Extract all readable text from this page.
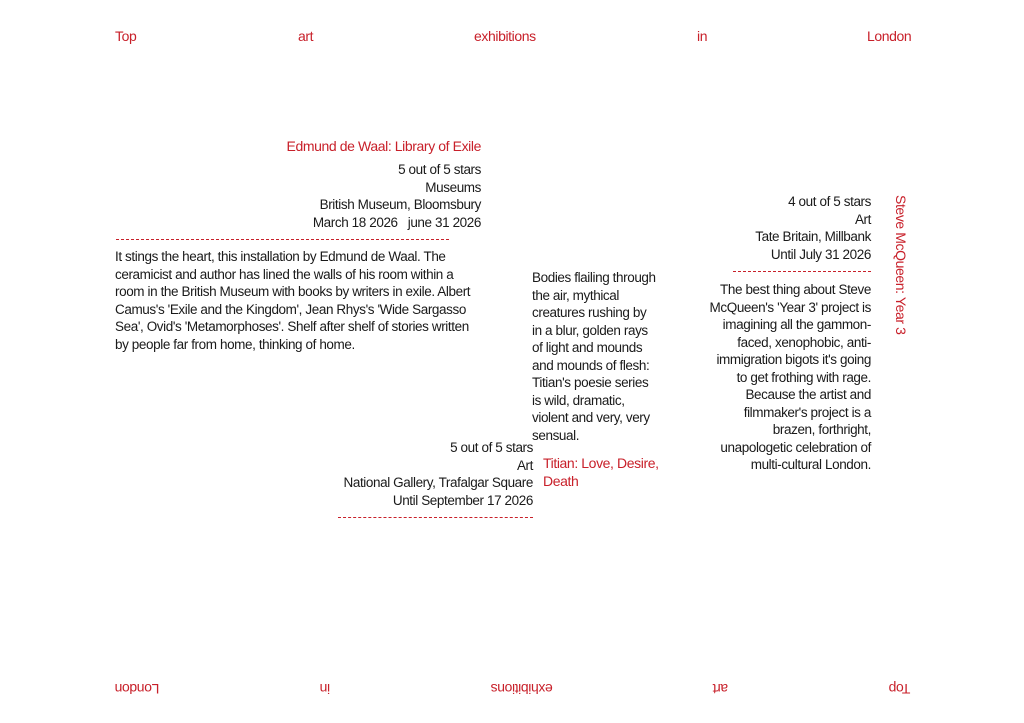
Top	art	exhibitions	in	London
Edmund de Waal: Library of Exile
5 out of 5 stars
Museums
British Museum, Bloomsbury
March 18 2026   june 31 2026
It stings the heart, this installation by Edmund de Waal. The ceramicist and author has lined the walls of his room within a room in the British Museum with books by writers in exile. Albert Camus's 'Exile and the Kingdom', Jean Rhys's 'Wide Sargasso Sea', Ovid's 'Metamorphoses'. Shelf after shelf of stories written by people far from home, thinking of home.
Bodies flailing through the air, mythical creatures rushing by in a blur, golden rays of light and mounds and mounds of flesh: Titian's poesie series is wild, dramatic, violent and very, very sensual.
Titian: Love, Desire, Death
5 out of 5 stars
Art
National Gallery, Trafalgar Square
Until September 17 2026
4 out of 5 stars
Art
Tate Britain, Millbank
Until July 31 2026
The best thing about Steve McQueen's 'Year 3' project is imagining all the gammon-faced, xenophobic, anti-immigration bigots it's going to get frothing with rage. Because the artist and filmmaker's project is a brazen, forthright, unapologetic celebration of multi-cultural London.
Steve McQueen: Year 3
London	in	exhibitions	art	Top
